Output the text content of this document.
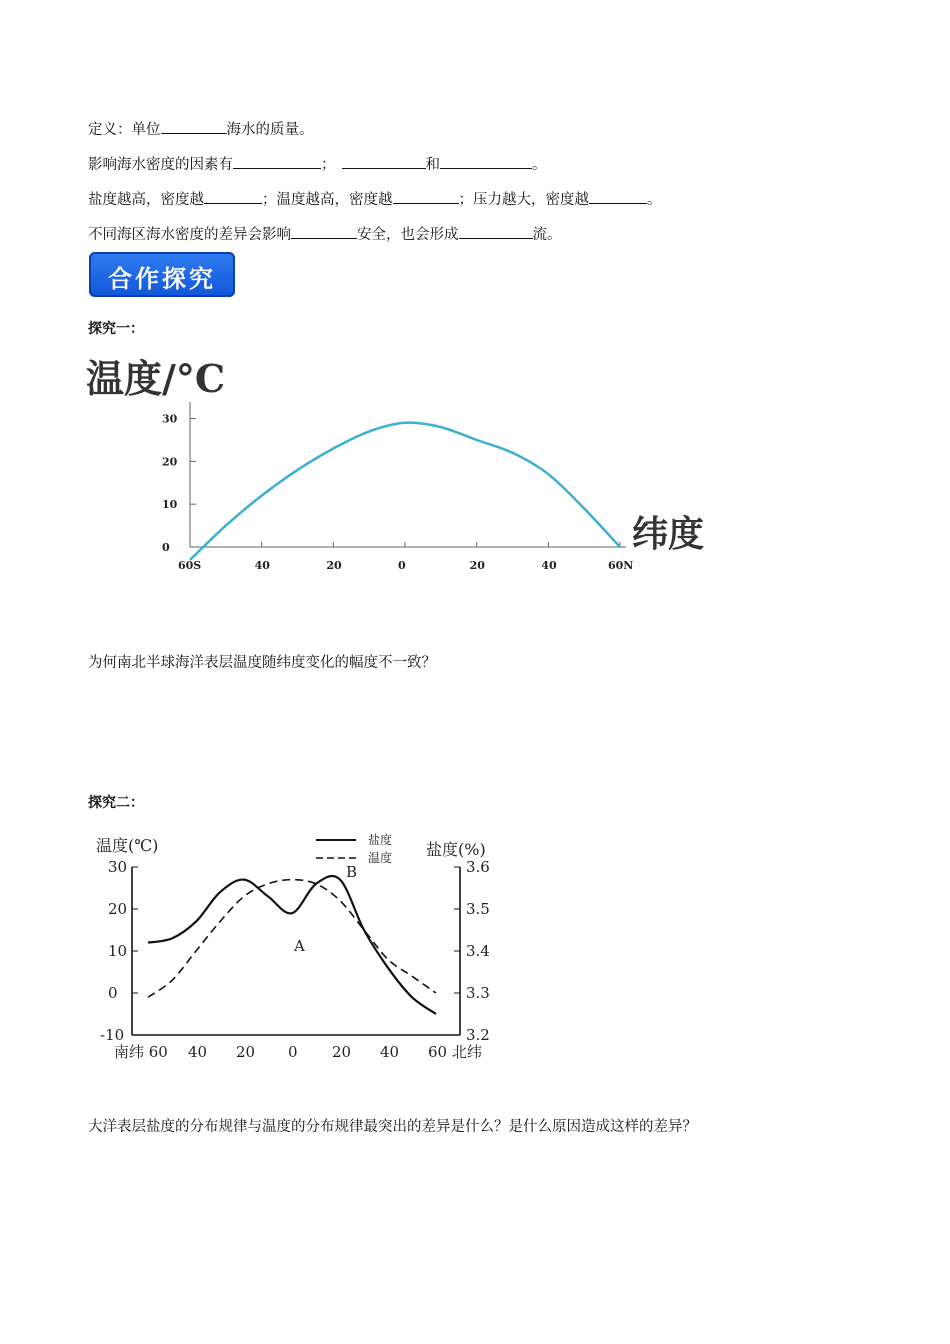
定义：单位	海水的质量。
影响海水密度的因素有	；	和	。
盐度越高，密度越	；温度越高，密度越	；压力越大，密度越	。
不同海区海水密度的差异会影响	安全，也会形成	流。
合作探究
探究一：
温度/°C
纬度
0
10
20
30
60S	40	20	0	20	40	60N
为何南北半球海洋表层温度随纬度变化的幅度不一致？
探究二：
温度(℃)	盐度(%)
盐度
温度
30
20
10
0
-10
3.6
3.5
3.4
3.3
3.2
南纬 60 40 20 0 20 40 60 北纬
A
B
大洋表层盐度的分布规律与温度的分布规律最突出的差异是什么？是什么原因造成这样的差异？
